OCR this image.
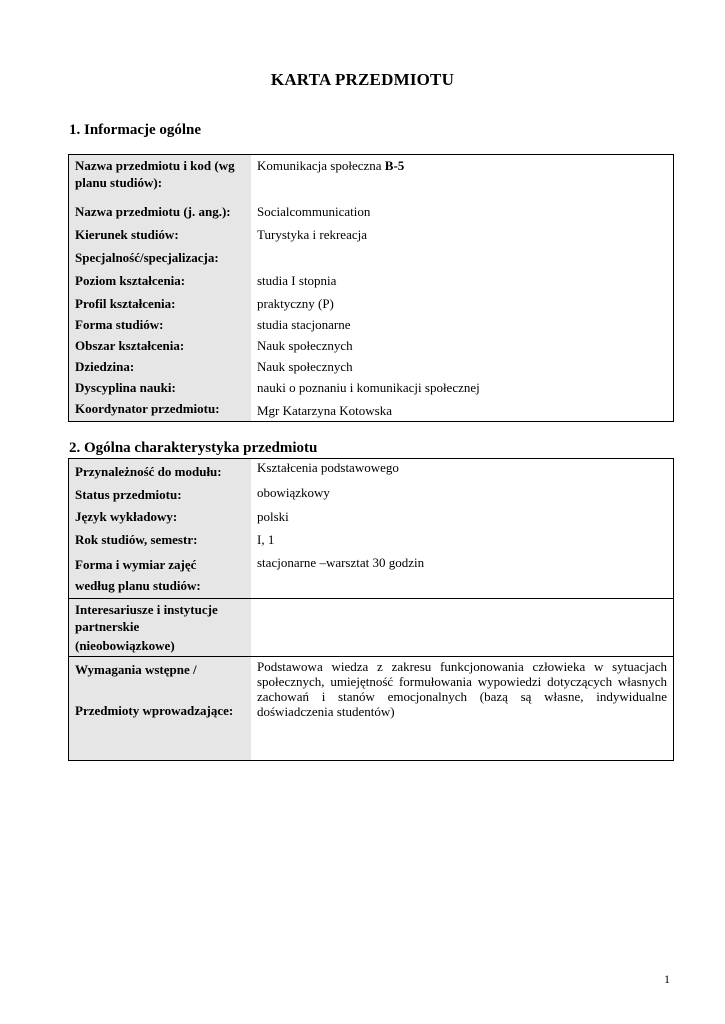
KARTA PRZEDMIOTU
1. Informacje ogólne
Nazwa przedmiotu i kod (wg planu studiów):	Komunikacja społeczna B-5
Nazwa przedmiotu (j. ang.):	Socialcommunication
Kierunek studiów:	Turystyka i rekreacja
Specjalność/specjalizacja:	
Poziom kształcenia:	studia I stopnia
Profil kształcenia:	praktyczny (P)
Forma studiów:	studia stacjonarne
Obszar kształcenia:	Nauk społecznych
Dziedzina:	Nauk społecznych
Dyscyplina nauki:	nauki o poznaniu i komunikacji społecznej
Koordynator przedmiotu:	Mgr Katarzyna Kotowska
2. Ogólna charakterystyka przedmiotu
Przynależność do modułu:	Kształcenia podstawowego
Status przedmiotu:	obowiązkowy
Język wykładowy:	polski
Rok studiów, semestr:	I, 1

Forma i wymiar zajęć
według planu studiów:	stacjonarne –warsztat 30 godzin

Interesariusze i instytucje partnerskie
(nieobowiązkowe)	

Wymagania wstępne /
Przedmioty wprowadzające:	Podstawowa wiedza z zakresu funkcjonowania człowieka w sytuacjach społecznych, umiejętność formułowania wypowiedzi dotyczących własnych zachowań i stanów emocjonalnych (bazą są własne, indywidualne doświadczenia studentów)
1
